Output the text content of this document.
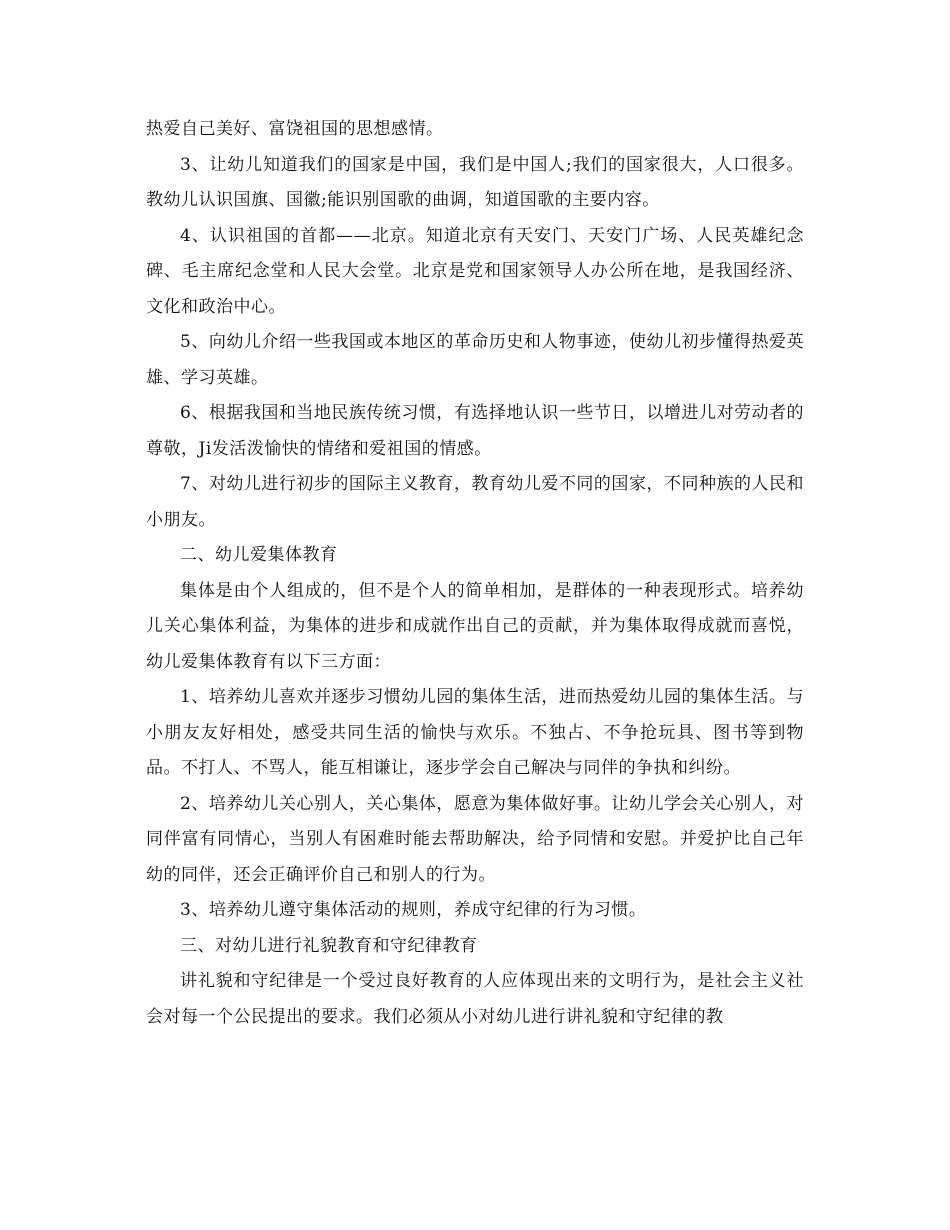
热爱自己美好、富饶祖国的思想感情。

3、让幼儿知道我们的国家是中国，我们是中国人;我们的国家很大，人口很多。教幼儿认识国旗、国徽;能识别国歌的曲调，知道国歌的主要内容。

4、认识祖国的首都——北京。知道北京有天安门、天安门广场、人民英雄纪念碑、毛主席纪念堂和人民大会堂。北京是党和国家领导人办公所在地，是我国经济、文化和政治中心。

5、向幼儿介绍一些我国或本地区的革命历史和人物事迹，使幼儿初步懂得热爱英雄、学习英雄。

6、根据我国和当地民族传统习惯，有选择地认识一些节日，以增进儿对劳动者的尊敬，Ji发活泼愉快的情绪和爱祖国的情感。

7、对幼儿进行初步的国际主义教育，教育幼儿爱不同的国家，不同种族的人民和小朋友。

二、幼儿爱集体教育

集体是由个人组成的，但不是个人的简单相加，是群体的一种表现形式。培养幼儿关心集体利益，为集体的进步和成就作出自己的贡献，并为集体取得成就而喜悦，幼儿爱集体教育有以下三方面：

1、培养幼儿喜欢并逐步习惯幼儿园的集体生活，进而热爱幼儿园的集体生活。与小朋友友好相处，感受共同生活的愉快与欢乐。不独占、不争抢玩具、图书等到物品。不打人、不骂人，能互相谦让，逐步学会自己解决与同伴的争执和纠纷。

2、培养幼儿关心别人，关心集体，愿意为集体做好事。让幼儿学会关心别人，对同伴富有同情心，当别人有困难时能去帮助解决，给予同情和安慰。并爱护比自己年幼的同伴，还会正确评价自己和别人的行为。

3、培养幼儿遵守集体活动的规则，养成守纪律的行为习惯。

三、对幼儿进行礼貌教育和守纪律教育

讲礼貌和守纪律是一个受过良好教育的人应体现出来的文明行为，是社会主义社会对每一个公民提出的要求。我们必须从小对幼儿进行讲礼貌和守纪律的教
